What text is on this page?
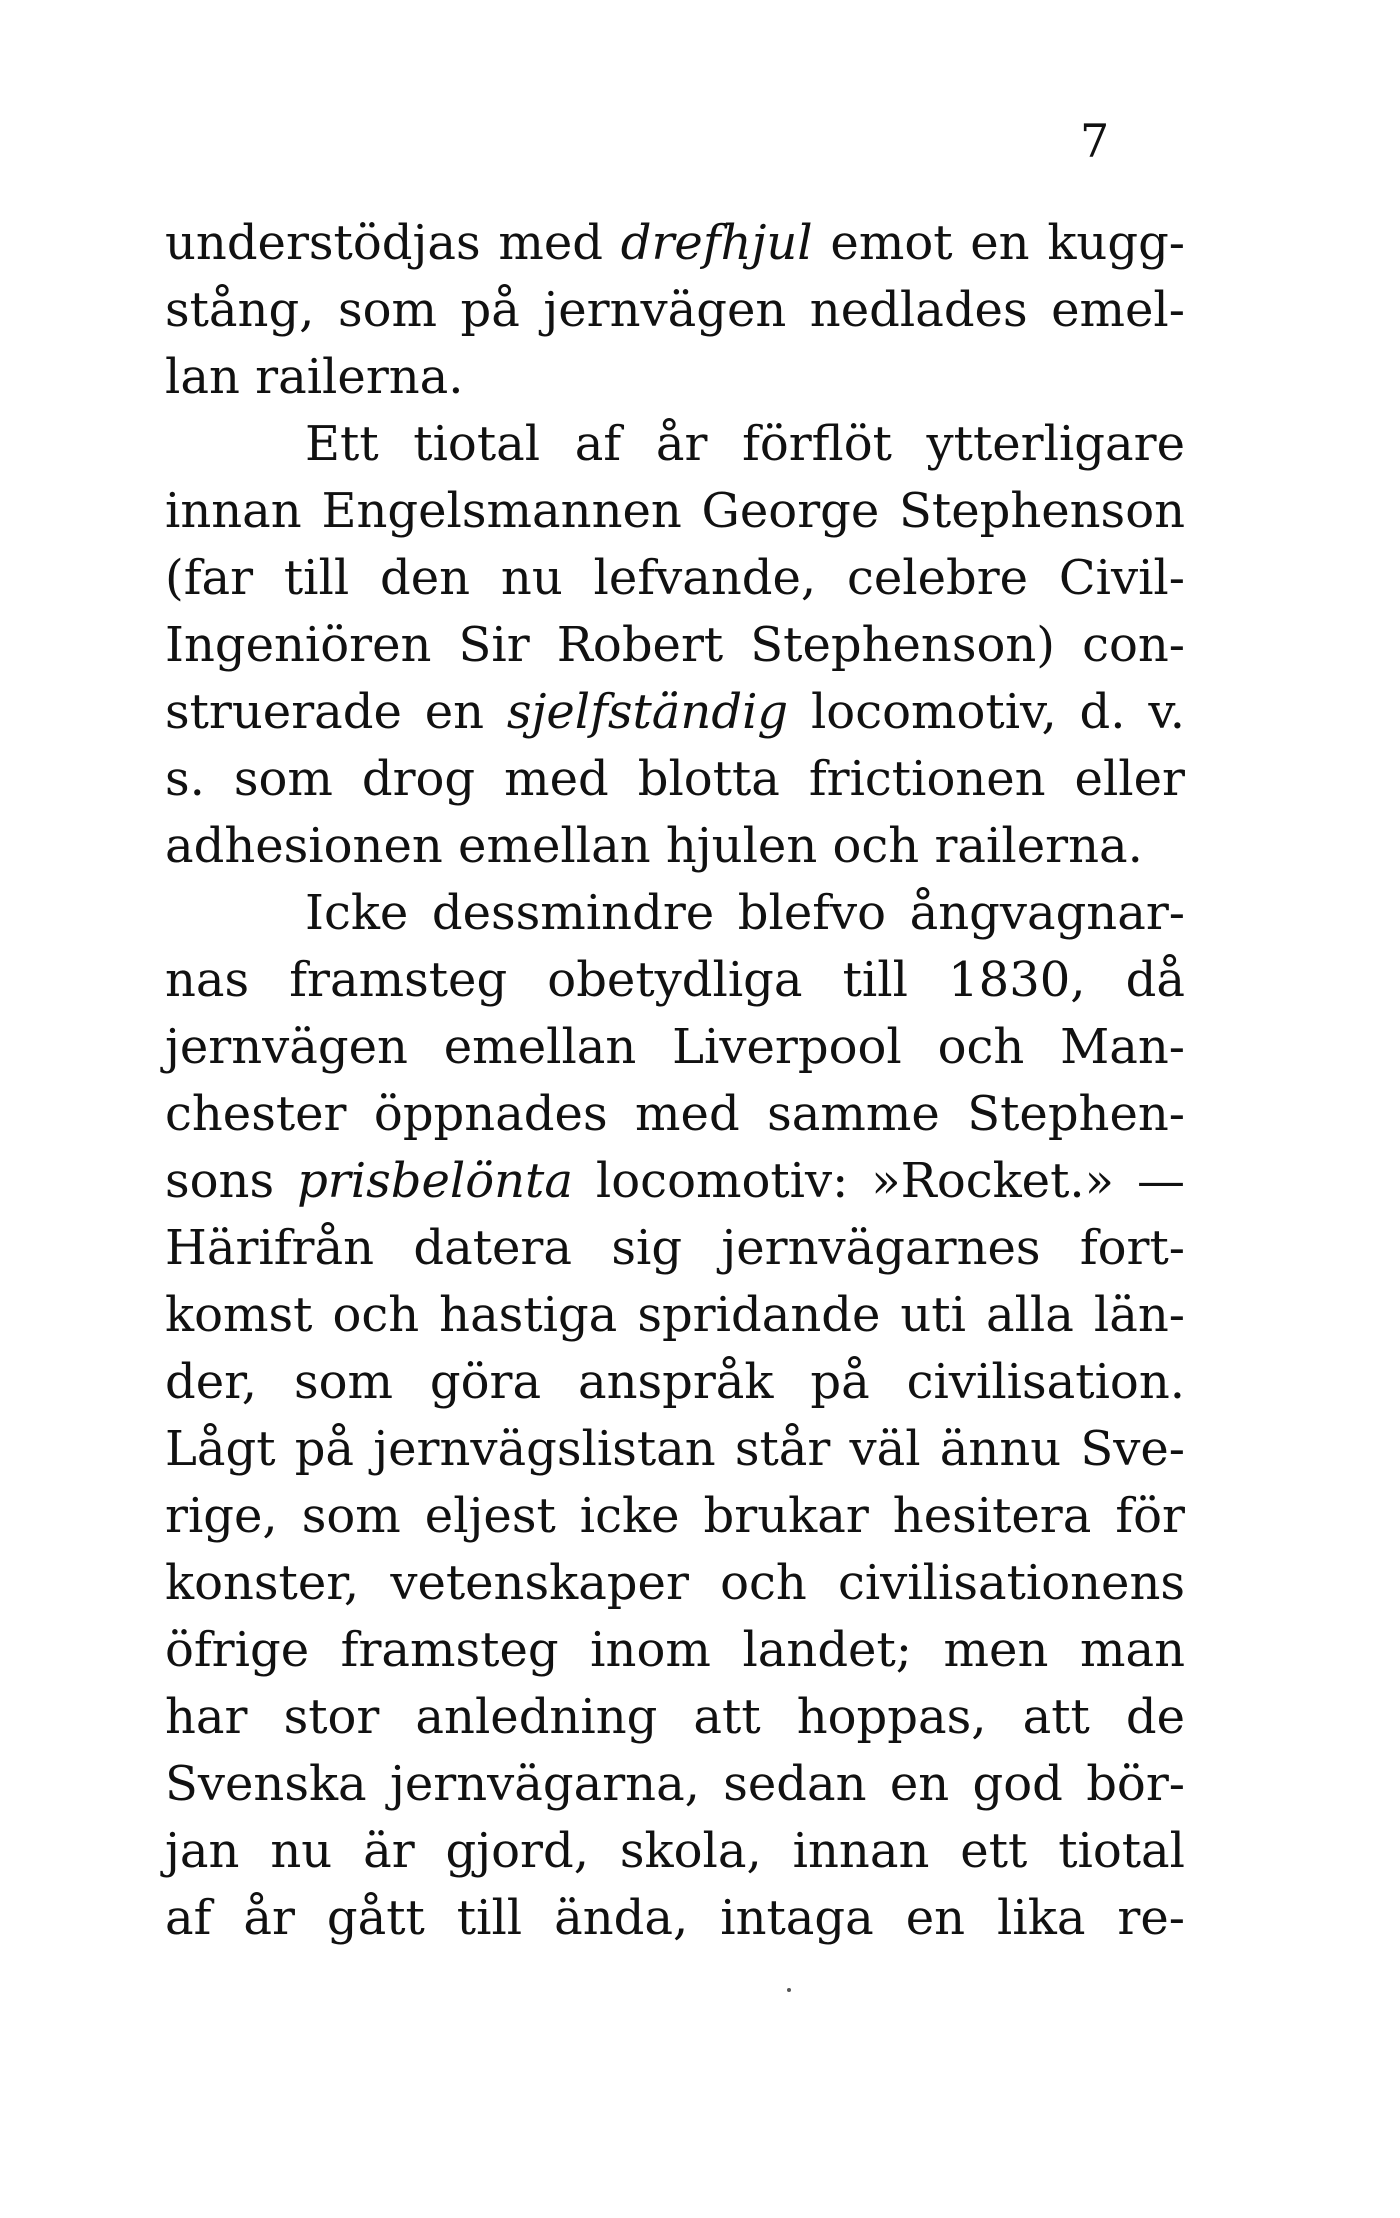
7
understödjas med drefhjul emot en kugg-
stång, som på jernvägen nedlades emel-
lan railerna.
Ett tiotal af år förflöt ytterligare
innan Engelsmannen George Stephenson
(far till den nu lefvande, celebre Civil-
Ingeniören Sir Robert Stephenson) con-
struerade en sjelfständig locomotiv, d. v.
s. som drog med blotta frictionen eller
adhesionen emellan hjulen och railerna.
Icke dessmindre blefvo ångvagnar-
nas framsteg obetydliga till 1830, då
jernvägen emellan Liverpool och Man-
chester öppnades med samme Stephen-
sons prisbelönta locomotiv: »Rocket.» —
Härifrån datera sig jernvägarnes fort-
komst och hastiga spridande uti alla län-
der, som göra anspråk på civilisation.
Lågt på jernvägslistan står väl ännu Sve-
rige, som eljest icke brukar hesitera för
konster, vetenskaper och civilisationens
öfrige framsteg inom landet; men man
har stor anledning att hoppas, att de
Svenska jernvägarna, sedan en god bör-
jan nu är gjord, skola, innan ett tiotal
af år gått till ända, intaga en lika re-
